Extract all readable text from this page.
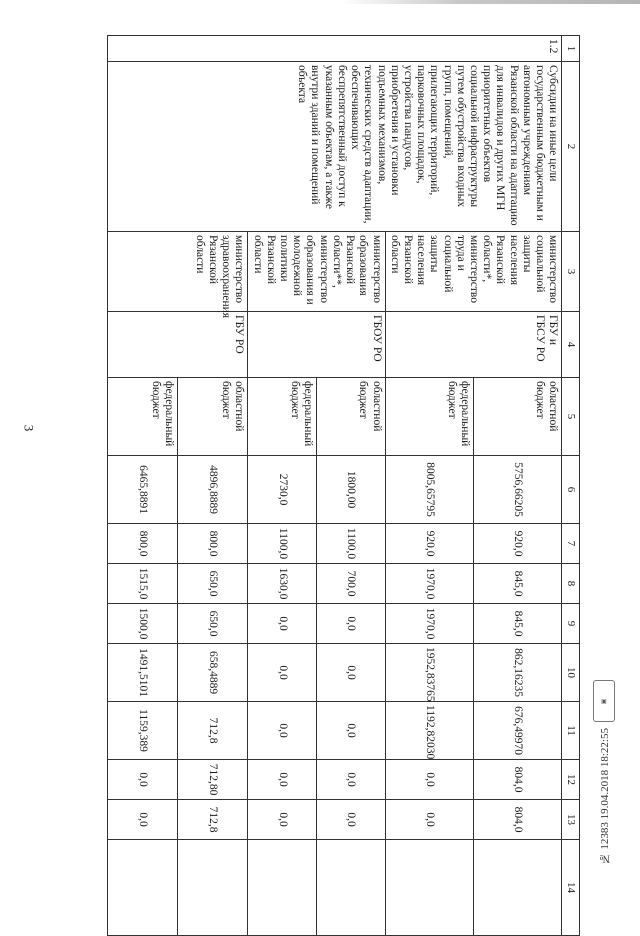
3
1	2	3	4	5	6	7	8	9	10	11	12	13	14
1.2	Субсидии на иные цели государственным бюджетным и автономным учреждениям Рязанской области на адаптацию для инвалидов и других МГН приоритетных объектов социальной инфраструктуры путем обустройства входных групп, помещений, прилегающих территорий, парковочных площадок, устройства пандусов, приобретения и установки подъемных механизмов, технических средств адаптации, обеспечивающих беспрепятственный доступ к указанным объектам, а также внутри зданий и помещений объекта	министерство социальной защиты населения Рязанской области*, министерство труда и социальной защиты населения Рязанской области	ГБУ и ГБСУ РО	областной бюджет	5756,66205	920,0	845,0	845,0	862,16235	676,49970	804,0	804,0	
				федеральный бюджет	8005,65795	920,0	1970,0	1970,0	1952,83765	1192,82030	0,0	0,0	
		министерство образования Рязанской области**, министерство образования и молодежной политики Рязанской области	ГБОУ РО	областной бюджет	1800,00	1100,0	700,0	0,0	0,0	0,0	0,0	0,0	
				федеральный бюджет	2730,0	1100,0	1630,0	0,0	0,0	0,0	0,0	0,0	
		министерство здравоохранения Рязанской области	ГБУ РО	областной бюджет	4896,8889	800,0	650,0	650,0	658,4889	712,8	712,80	712,8	
				федеральный бюджет	6465,8891	800,0	1515,0	1500,0	1491,5101	1159,389	0,0	0,0	
▣
№ 12383 19.04.2018 18:22:55
